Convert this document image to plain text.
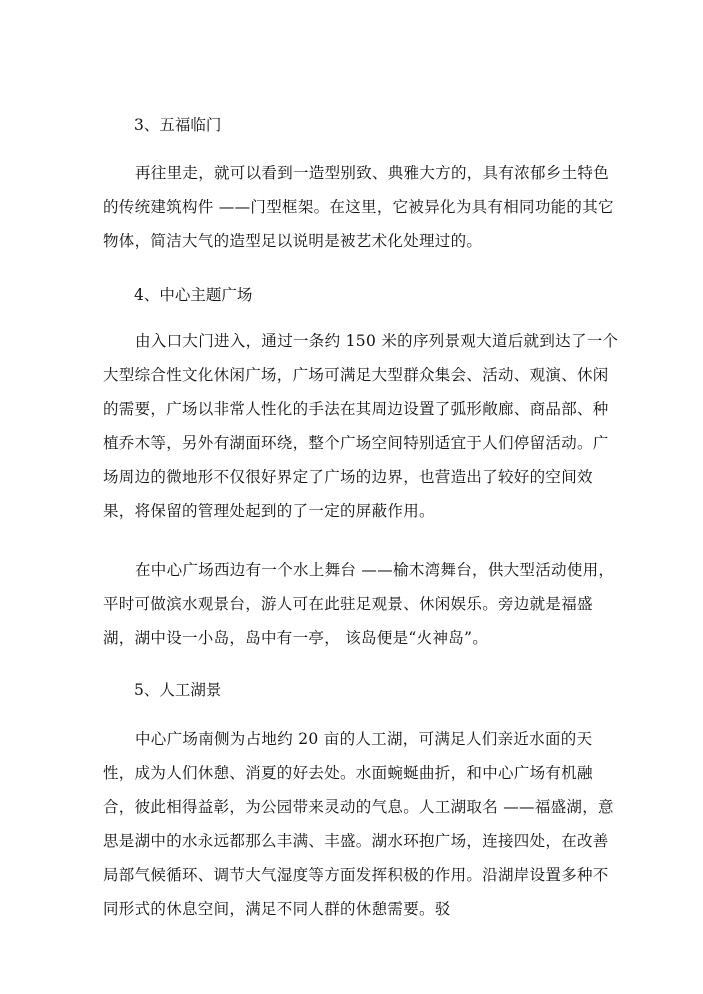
3、五福临门

再往里走，就可以看到一造型别致、典雅大方的，具有浓郁乡土特色的传统建筑构件 ——门型框架。在这里，它被异化为具有相同功能的其它物体，简洁大气的造型足以说明是被艺术化处理过的。

4、中心主题广场

由入口大门进入，通过一条约 150 米的序列景观大道后就到达了一个大型综合性文化休闲广场，广场可满足大型群众集会、活动、观演、休闲的需要，广场以非常人性化的手法在其周边设置了弧形敞廊、商品部、种植乔木等，另外有湖面环绕，整个广场空间特别适宜于人们停留活动。广场周边的微地形不仅很好界定了广场的边界，也营造出了较好的空间效果，将保留的管理处起到的了一定的屏蔽作用。

在中心广场西边有一个水上舞台 ——榆木湾舞台，供大型活动使用，平时可做滨水观景台，游人可在此驻足观景、休闲娱乐。旁边就是福盛湖，湖中设一小岛，岛中有一亭， 该岛便是“火神岛”。

5、人工湖景

中心广场南侧为占地约 20 亩的人工湖，可满足人们亲近水面的天性，成为人们休憩、消夏的好去处。水面蜿蜒曲折，和中心广场有机融合，彼此相得益彰，为公园带来灵动的气息。人工湖取名 ——福盛湖，意思是湖中的水永远都那么丰满、丰盛。湖水环抱广场，连接四处，在改善局部气候循环、调节大气湿度等方面发挥积极的作用。沿湖岸设置多种不同形式的休息空间，满足不同人群的休憩需要。驳
